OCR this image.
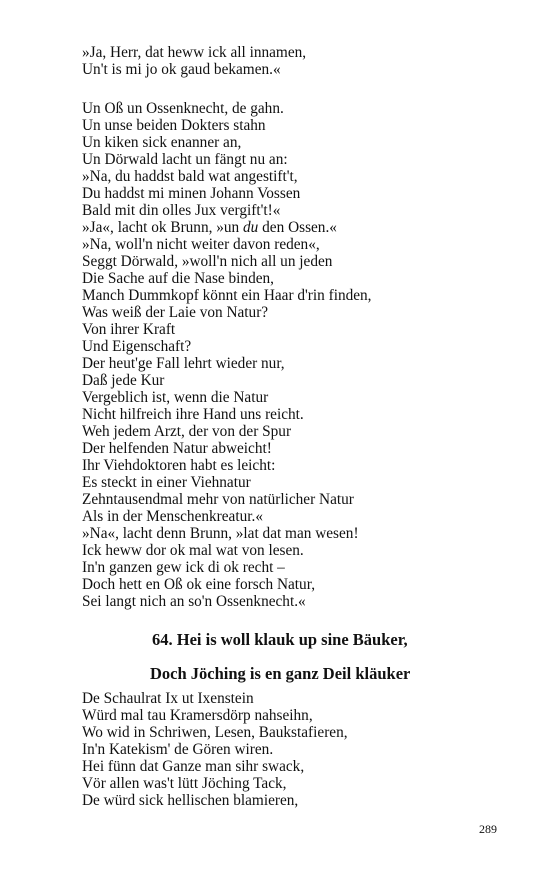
»Ja, Herr, dat heww ick all innamen,
Un't is mi jo ok gaud bekamen.«
Un Oß un Ossenknecht, de gahn.
Un unse beiden Dokters stahn
Un kiken sick enanner an,
Un Dörwald lacht un fängt nu an:
»Na, du haddst bald wat angestift't,
Du haddst mi minen Johann Vossen
Bald mit din olles Jux vergift't!«
»Ja«, lacht ok Brunn, »un du den Ossen.«
»Na, woll'n nicht weiter davon reden«,
Seggt Dörwald, »woll'n nich all un jeden
Die Sache auf die Nase binden,
Manch Dummkopf könnt ein Haar d'rin finden,
Was weiß der Laie von Natur?
Von ihrer Kraft
Und Eigenschaft?
Der heut'ge Fall lehrt wieder nur,
Daß jede Kur
Vergeblich ist, wenn die Natur
Nicht hilfreich ihre Hand uns reicht.
Weh jedem Arzt, der von der Spur
Der helfenden Natur abweicht!
Ihr Viehdoktoren habt es leicht:
Es steckt in einer Viehnatur
Zehntausendmal mehr von natürlicher Natur
Als in der Menschenkreatur.«
»Na«, lacht denn Brunn, »lat dat man wesen!
Ick heww dor ok mal wat von lesen.
In'n ganzen gew ick di ok recht –
Doch hett en Oß ok eine forsch Natur,
Sei langt nich an so'n Ossenknecht.«
64. Hei is woll klauk up sine Bäuker,
Doch Jöching is en ganz Deil kläuker
De Schaulrat Ix ut Ixenstein
Würd mal tau Kramersdörp nahseihn,
Wo wid in Schriwen, Lesen, Baukstafieren,
In'n Katekism' de Gören wiren.
Hei fünn dat Ganze man sihr swack,
Vör allen was't lütt Jöching Tack,
De würd sick hellischen blamieren,
289
